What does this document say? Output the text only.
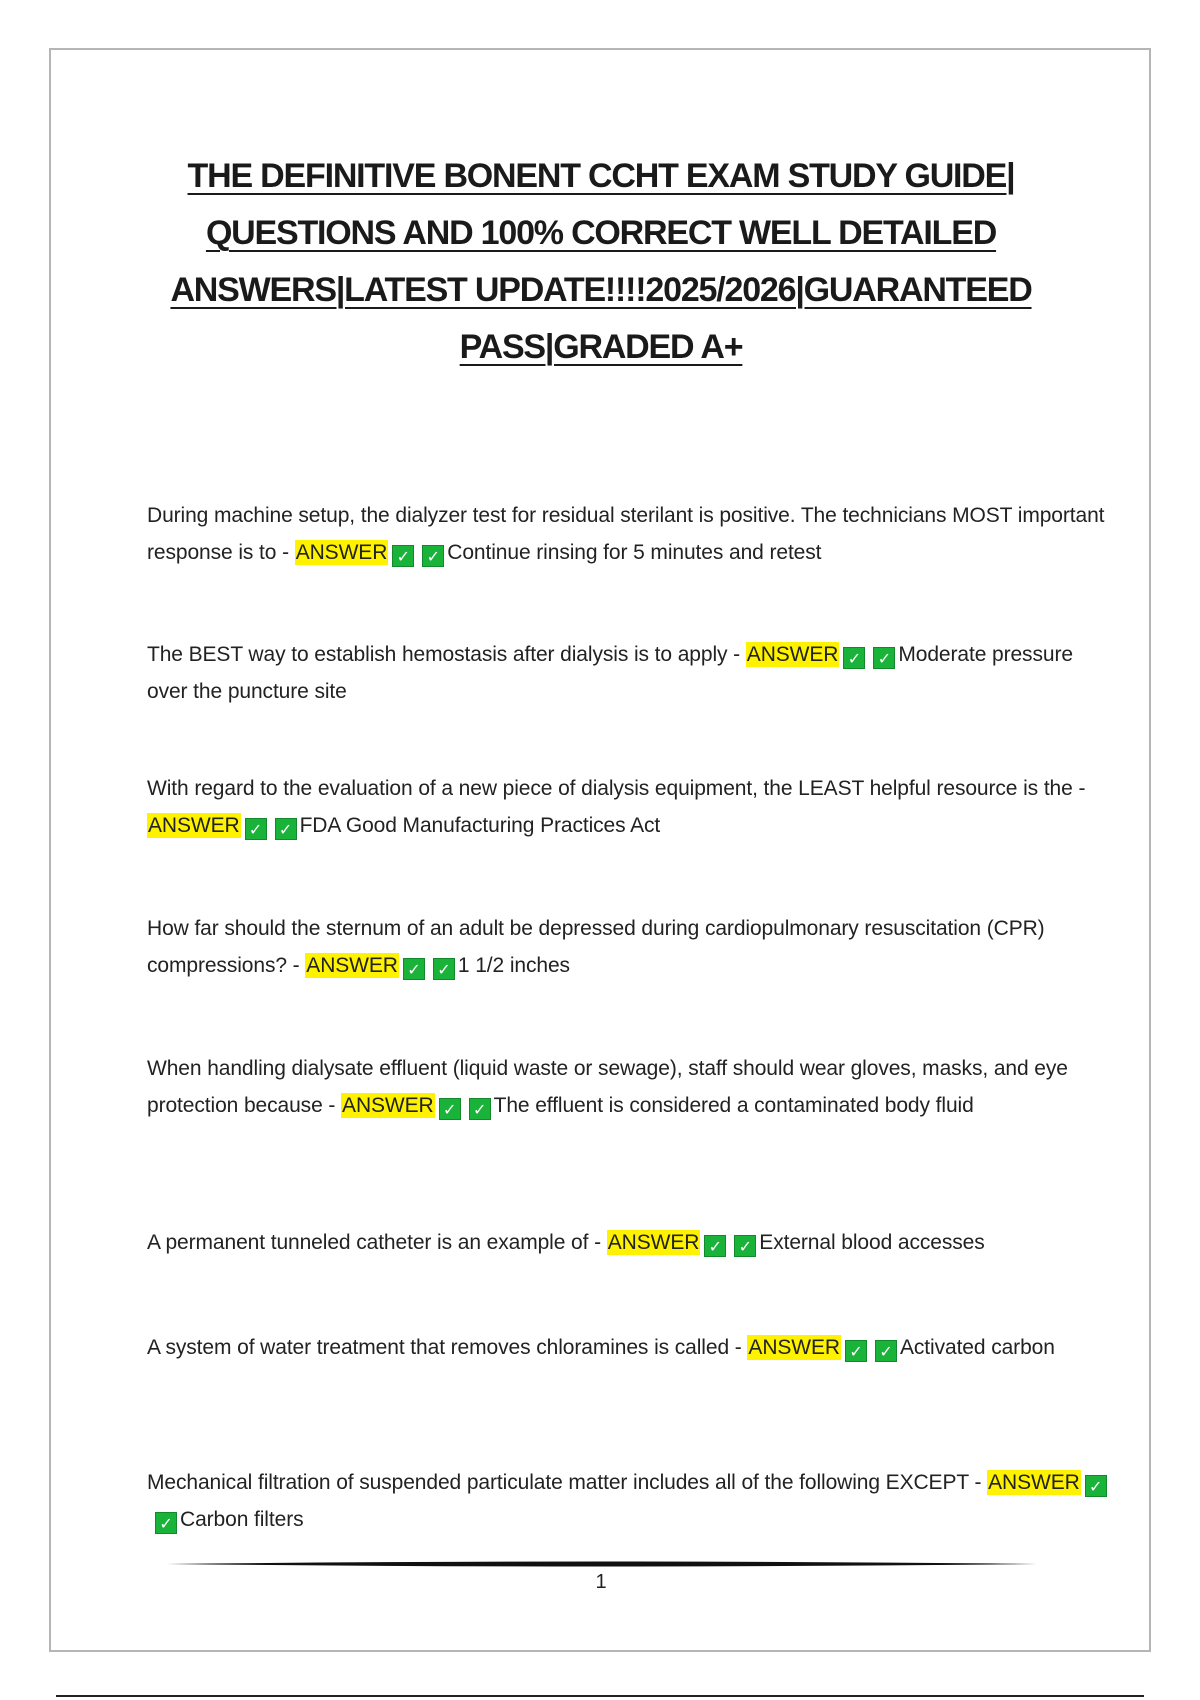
THE DEFINITIVE BONENT CCHT EXAM STUDY GUIDE| QUESTIONS AND 100% CORRECT WELL DETAILED ANSWERS|LATEST UPDATE!!!!2025/2026|GUARANTEED PASS|GRADED A+

During machine setup, the dialyzer test for residual sterilant is positive. The technicians MOST important response is to - ANSWER ✓ ✓ Continue rinsing for 5 minutes and retest

The BEST way to establish hemostasis after dialysis is to apply - ANSWER ✓ ✓ Moderate pressure over the puncture site

With regard to the evaluation of a new piece of dialysis equipment, the LEAST helpful resource is the - ANSWER ✓ ✓ FDA Good Manufacturing Practices Act

How far should the sternum of an adult be depressed during cardiopulmonary resuscitation (CPR) compressions? - ANSWER ✓ ✓ 1 1/2 inches

When handling dialysate effluent (liquid waste or sewage), staff should wear gloves, masks, and eye protection because - ANSWER ✓ ✓ The effluent is considered a contaminated body fluid

A permanent tunneled catheter is an example of - ANSWER ✓ ✓ External blood accesses

A system of water treatment that removes chloramines is called - ANSWER ✓ ✓ Activated carbon

Mechanical filtration of suspended particulate matter includes all of the following EXCEPT - ANSWER ✓✓ Carbon filters

1
